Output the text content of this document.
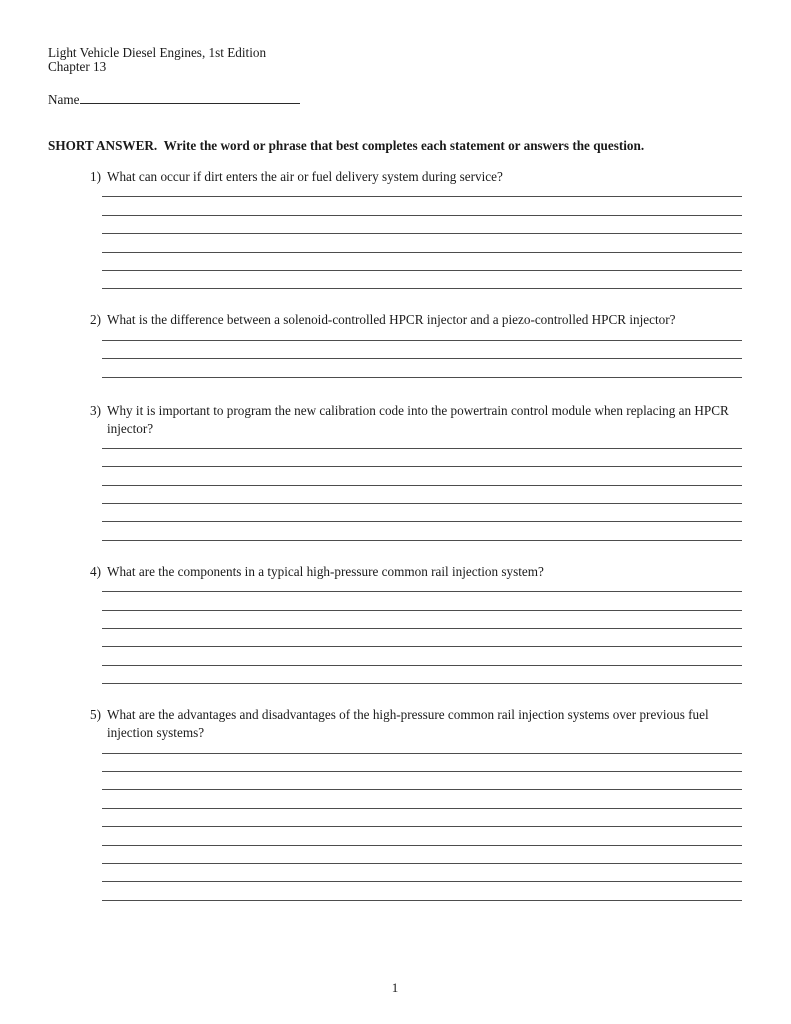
Light Vehicle Diesel Engines, 1st Edition
Chapter 13
Name
SHORT ANSWER.  Write the word or phrase that best completes each statement or answers the question.
1) What can occur if dirt enters the air or fuel delivery system during service?
2) What is the difference between a solenoid-controlled HPCR injector and a piezo-controlled HPCR injector?
3) Why it is important to program the new calibration code into the powertrain control module when replacing an HPCR injector?
4) What are the components in a typical high-pressure common rail injection system?
5) What are the advantages and disadvantages of the high-pressure common rail injection systems over previous fuel injection systems?
1
